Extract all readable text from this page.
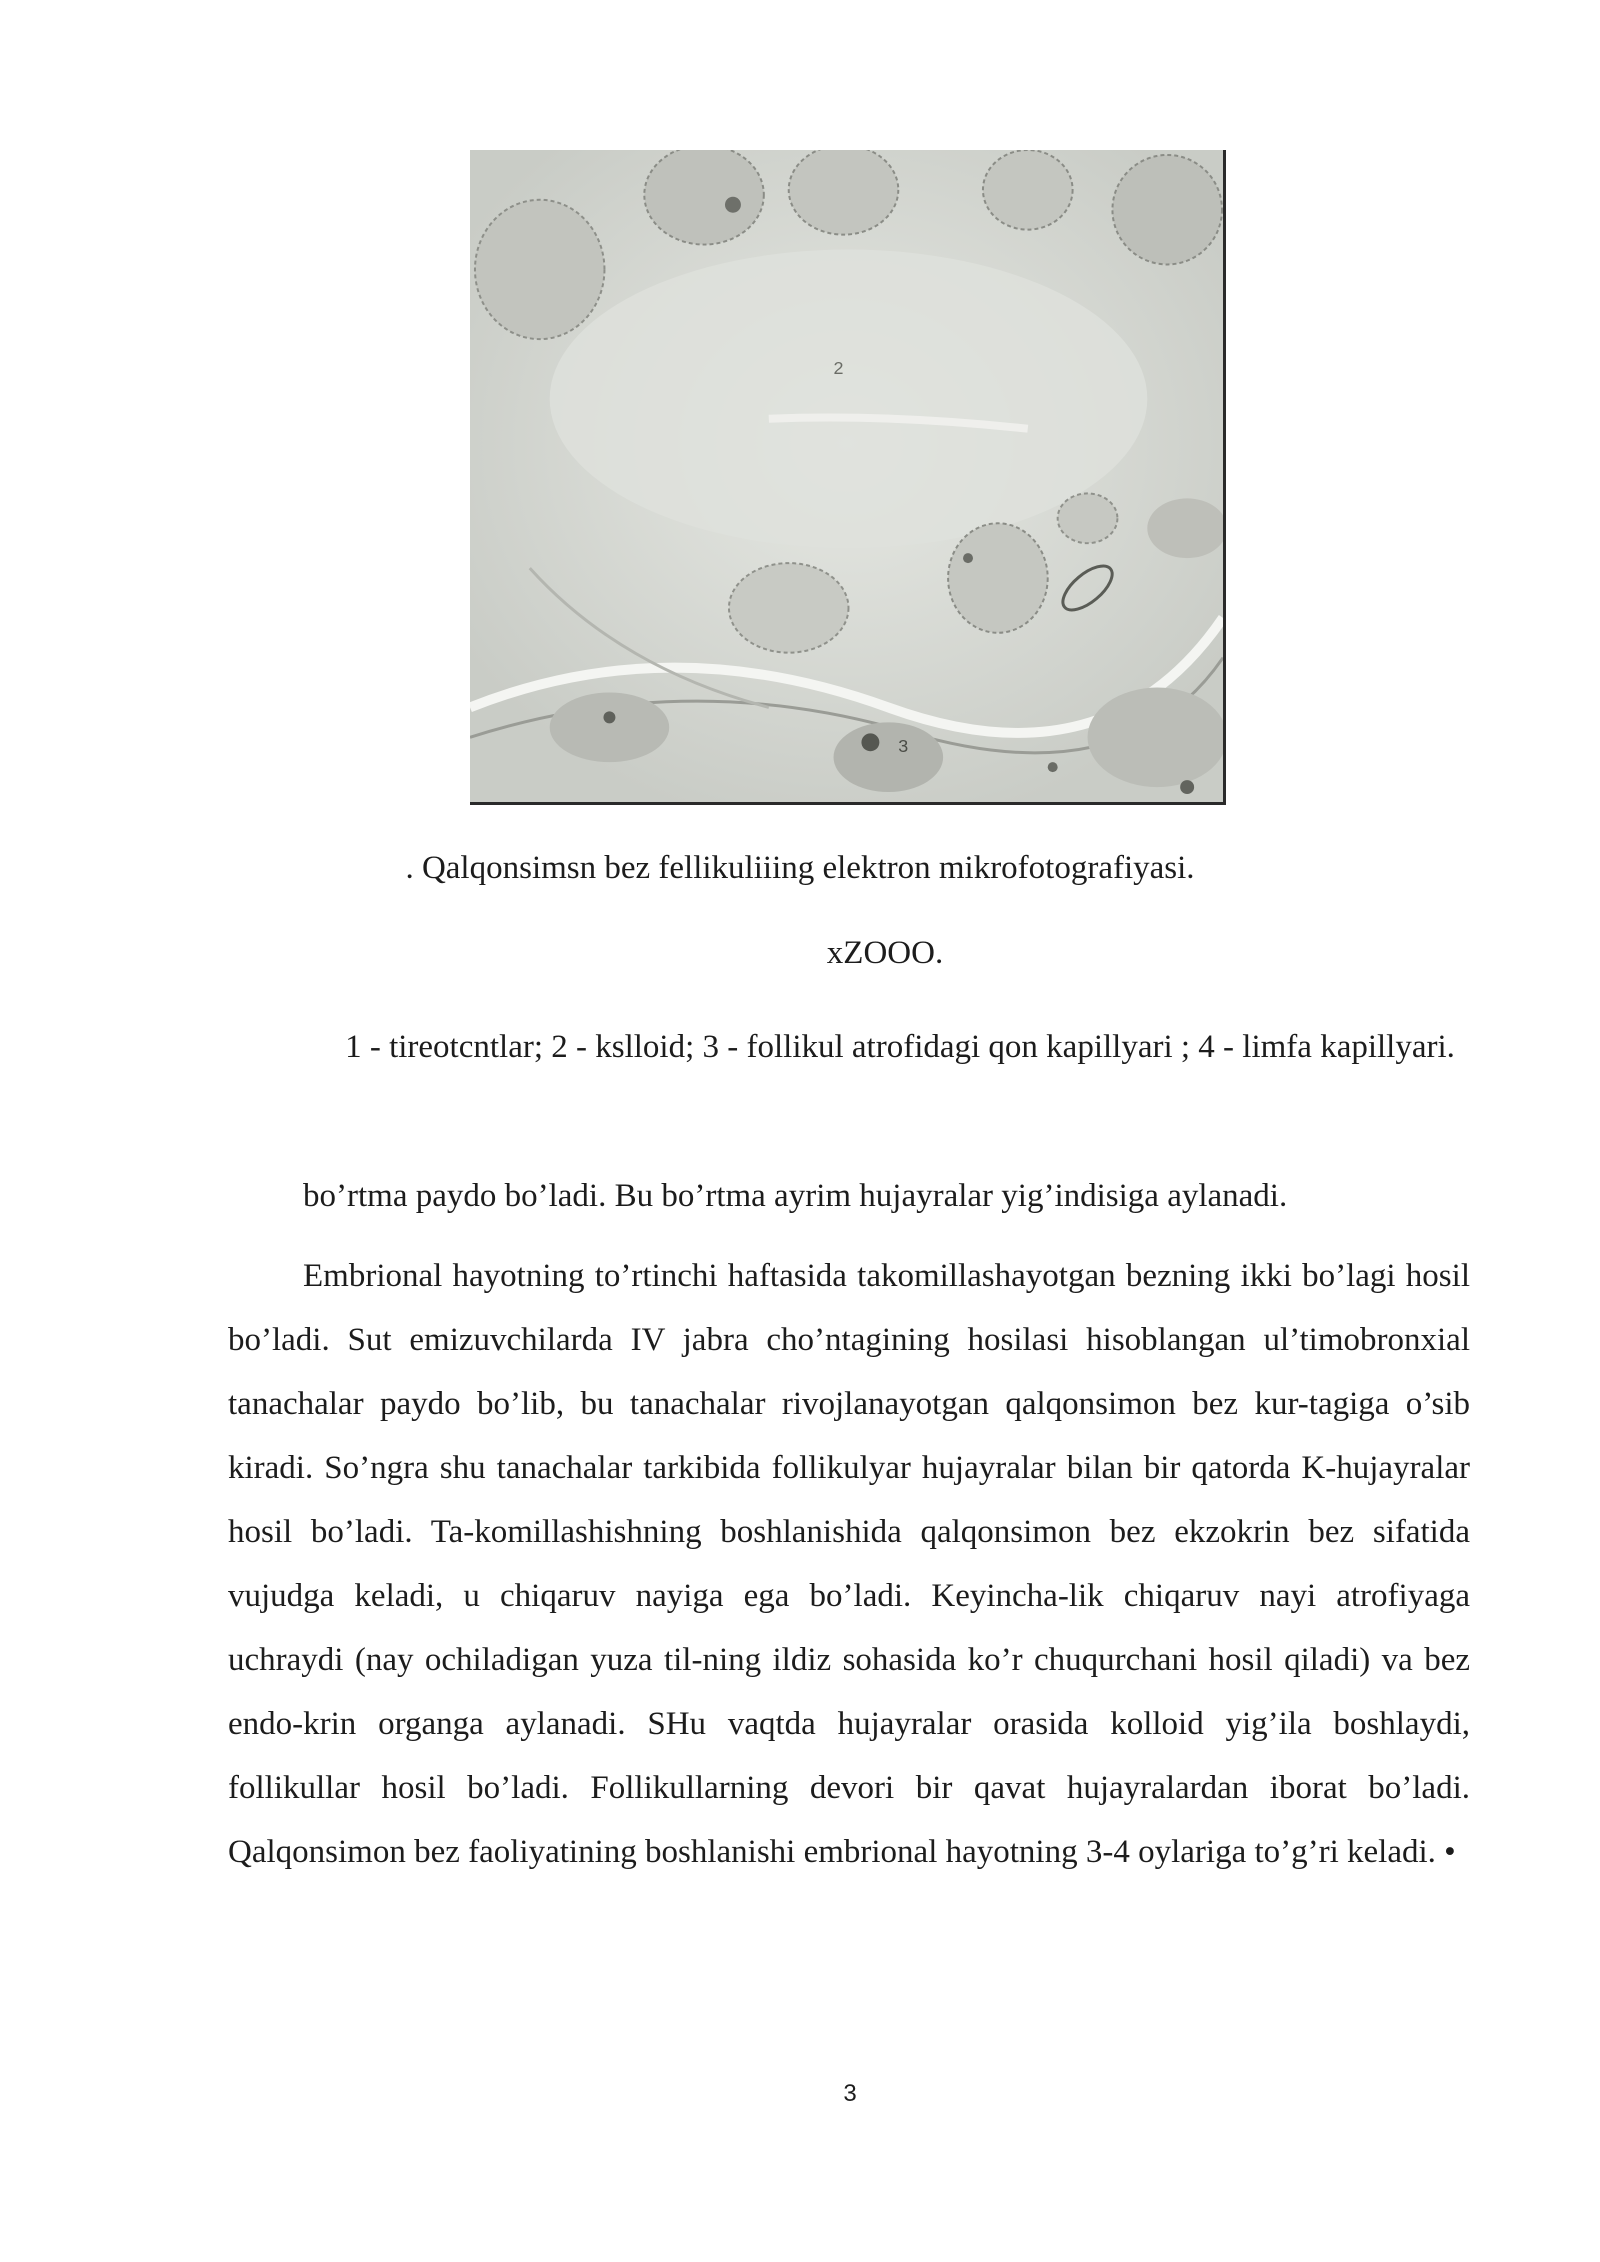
2
3
. Qalqonsimsn bez fellikuliiing elektron mikrofotografiyasi.
xZOOO.
1 - tireotcntlar; 2 - kslloid; 3 - follikul atrofidagi qon kapillyari ; 4 - limfa kapillyari.
bo’rtma paydo bo’ladi. Bu bo’rtma ayrim hujayralar yig’indisiga aylanadi.
Embrional hayotning to’rtinchi haftasida takomillashayotgan bezning ikki bo’lagi hosil bo’ladi. Sut emizuvchilarda IV jabra cho’ntagining hosilasi hisoblangan ul’timobronxial tanachalar paydo bo’lib, bu tanachalar rivojlanayotgan qalqonsimon bez kur-tagiga o’sib kiradi. So’ngra shu tanachalar tarkibida follikulyar hujayralar bilan bir qatorda K-hujayralar hosil bo’ladi. Ta-komillashishning boshlanishida qalqonsimon bez ekzokrin bez sifatida vujudga keladi, u chiqaruv nayiga ega bo’ladi. Keyincha-lik chiqaruv nayi atrofiyaga uchraydi (nay ochiladigan yuza til-ning ildiz sohasida ko’r chuqurchani hosil qiladi) va bez endo-krin organga aylanadi. SHu vaqtda hujayralar orasida kolloid yig’ila boshlaydi, follikullar hosil bo’ladi. Follikullarning devori bir qavat hujayralardan iborat bo’ladi. Qalqonsimon bez faoliyatining boshlanishi embrional hayotning 3-4 oylariga to’g’ri keladi. •
3
